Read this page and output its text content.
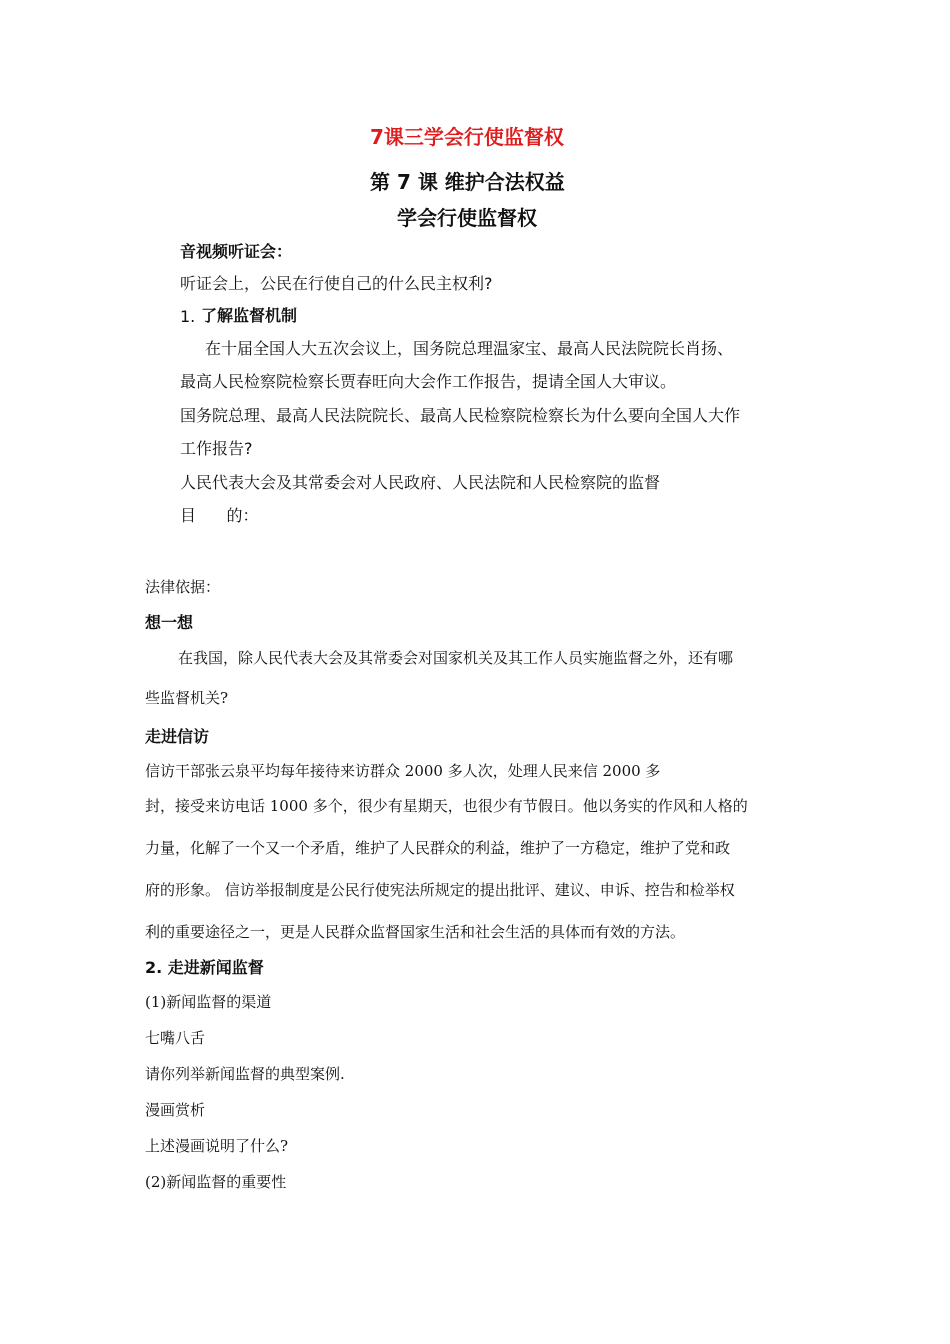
7课三学会行使监督权
第 7 课 维护合法权益
学会行使监督权
音视频听证会：
听证会上，公民在行使自己的什么民主权利?
1. 了解监督机制
在十届全国人大五次会议上，国务院总理温家宝、最高人民法院院长肖扬、
最高人民检察院检察长贾春旺向大会作工作报告，提请全国人大审议。
国务院总理、最高人民法院院长、最高人民检察院检察长为什么要向全国人大作
工作报告?
人民代表大会及其常委会对人民政府、人民法院和人民检察院的监督
目      的：
法律依据：
想一想
在我国，除人民代表大会及其常委会对国家机关及其工作人员实施监督之外，还有哪
些监督机关?
走进信访
信访干部张云泉平均每年接待来访群众 2000 多人次，处理人民来信 2000 多
封，接受来访电话 1000 多个，很少有星期天，也很少有节假日。他以务实的作风和人格的
力量，化解了一个又一个矛盾，维护了人民群众的利益，维护了一方稳定，维护了党和政
府的形象。 信访举报制度是公民行使宪法所规定的提出批评、建议、申诉、控告和检举权
利的重要途径之一，更是人民群众监督国家生活和社会生活的具体而有效的方法。
2. 走进新闻监督
(1)新闻监督的渠道
七嘴八舌
请你列举新闻监督的典型案例.
漫画赏析
上述漫画说明了什么?
(2)新闻监督的重要性
